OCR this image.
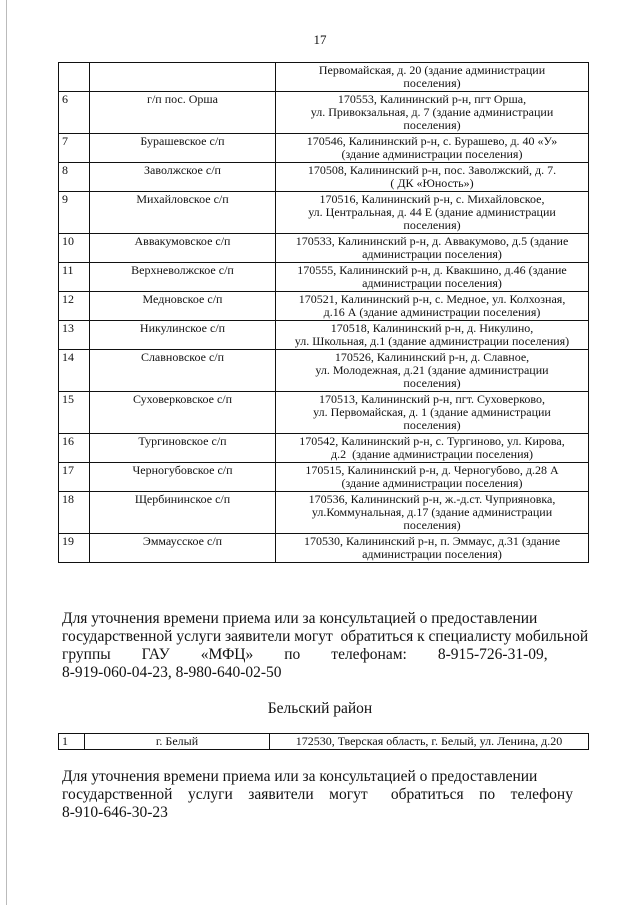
17

		Первомайская, д. 20 (здание администрации
поселения)

6	г/п пос. Орша	170553, Калининский р-н, пгт Орша,
ул. Привокзальная, д. 7 (здание администрации
поселения)

7	Бурашевское с/п	170546, Калининский р-н, с. Бурашево, д. 40 «У»
(здание администрации поселения)

8	Заволжское с/п	170508, Калининский р-н, пос. Заволжский, д. 7.
( ДК «Юность»)

9	Михайловское с/п	170516, Калининский р-н, с. Михайловское,
ул. Центральная, д. 44 Е (здание администрации
поселения)

10	Аввакумовское с/п	170533, Калининский р-н, д. Аввакумово, д.5 (здание
администрации поселения)

11	Верхневолжское с/п	170555, Калининский р-н, д. Квакшино, д.46 (здание
администрации поселения)

12	Медновское с/п	170521, Калининский р-н, с. Медное, ул. Колхозная,
д.16 А (здание администрации поселения)

13	Никулинское с/п	170518, Калининский р-н, д. Никулино,
ул. Школьная, д.1 (здание администрации поселения)

14	Славновское с/п	170526, Калининский р-н, д. Славное,
ул. Молодежная, д.21 (здание администрации
поселения)

15	Суховерковское с/п	170513, Калининский р-н, пгт. Суховерково,
ул. Первомайская, д. 1 (здание администрации
поселения)

16	Тургиновское с/п	170542, Калининский р-н, с. Тургиново, ул. Кирова,
д.2  (здание администрации поселения)

17	Черногубовское с/п	170515, Калининский р-н, д. Черногубово, д.28 А
(здание администрации поселения)

18	Щербининское с/п	170536, Калининский р-н, ж.-д.ст. Чуприяновка,
ул.Коммунальная, д.17 (здание администрации
поселения)

19	Эммаусское с/п	170530, Калининский р-н, п. Эммаус, д.31 (здание
администрации поселения)
Для уточнения времени приема или за консультацией о предоставлении
государственной услуги заявители могут  обратиться к специалисту мобильной
группы        ГАУ        «МФЦ»        по        телефонам:        8-915-726-31-09,
8-919-060-04-23, 8-980-640-02-50
Бельский район
1	г. Белый	172530, Тверская область, г. Белый, ул. Ленина, д.20
Для уточнения времени приема или за консультацией о предоставлении
государственной    услуги    заявители    могут      обратиться    по    телефону
8-910-646-30-23
